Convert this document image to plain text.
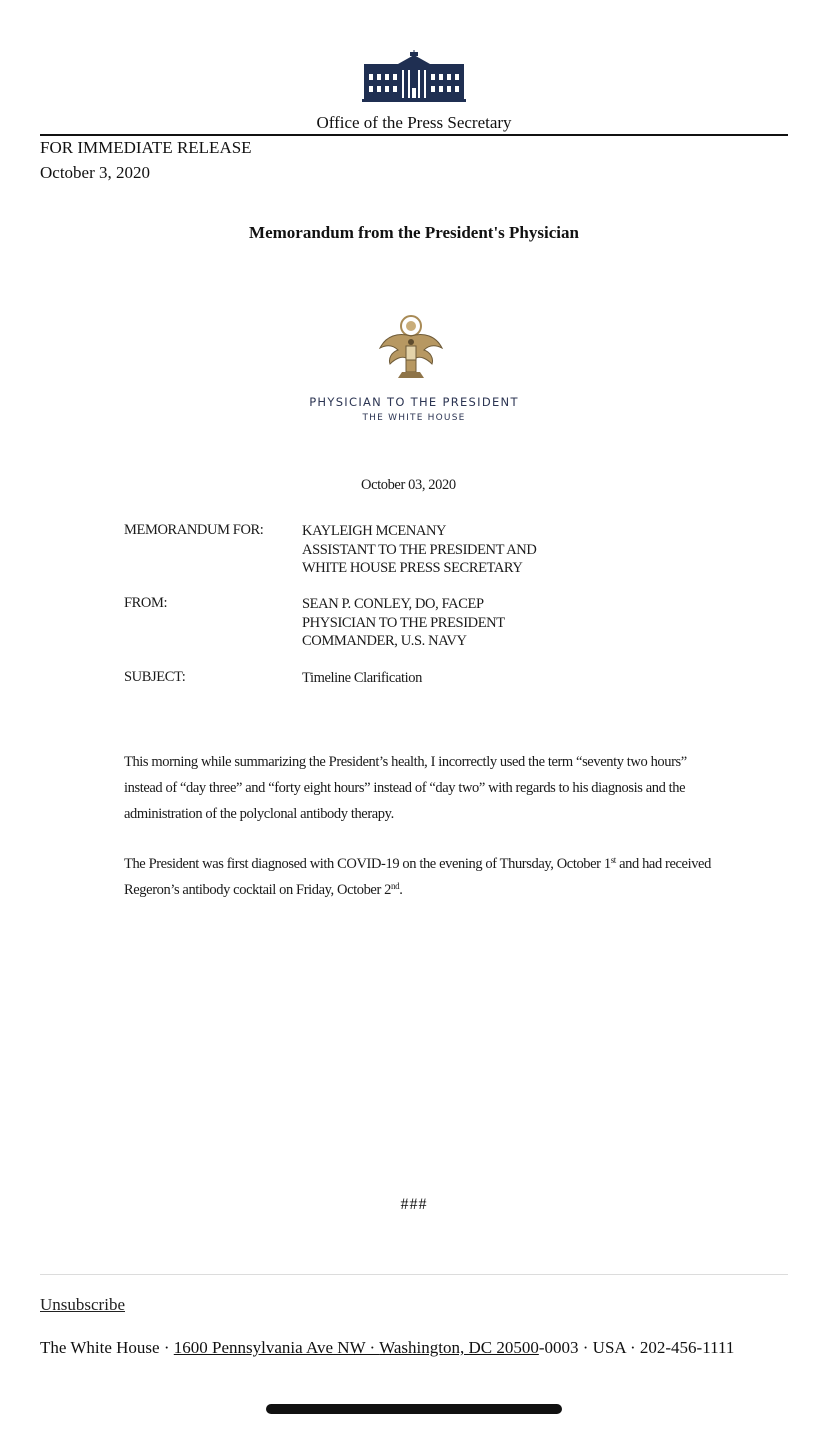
Office of the Press Secretary
FOR IMMEDIATE RELEASE
October 3, 2020
Memorandum from the President's Physician
PHYSICIAN TO THE PRESIDENT
THE WHITE HOUSE
October 03, 2020
MEMORANDUM FOR:	KAYLEIGH MCENANY
ASSISTANT TO THE PRESIDENT AND
WHITE HOUSE PRESS SECRETARY
FROM:	SEAN P. CONLEY, DO, FACEP
PHYSICIAN TO THE PRESIDENT
COMMANDER, U.S. NAVY
SUBJECT:	Timeline Clarification
This morning while summarizing the President’s health, I incorrectly used the term “seventy two hours” instead of “day three” and “forty eight hours” instead of “day two” with regards to his diagnosis and the administration of the polyclonal antibody therapy.
The President was first diagnosed with COVID-19 on the evening of Thursday, October 1st and had received Regeron’s antibody cocktail on Friday, October 2nd.
###
Unsubscribe
The White House · 1600 Pennsylvania Ave NW · Washington, DC 20500-0003 · USA · 202-456-1111
